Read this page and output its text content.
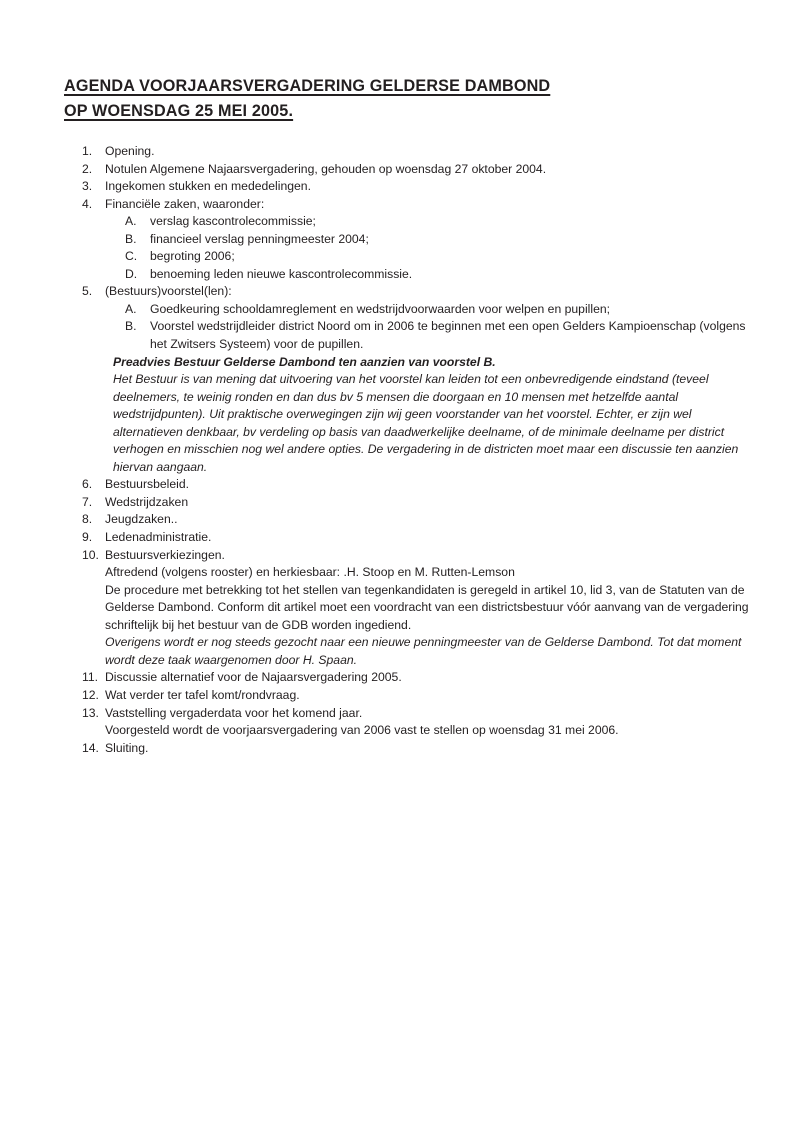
AGENDA VOORJAARSVERGADERING GELDERSE DAMBOND
OP WOENSDAG 25 MEI 2005.
1.	Opening.
2.	Notulen Algemene Najaarsvergadering, gehouden op woensdag 27 oktober 2004.
3.	Ingekomen stukken en mededelingen.
4.	Financiële zaken, waaronder:
A.	verslag kascontrolecommissie;
B.	financieel verslag penningmeester 2004;
C.	begroting 2006;
D.	benoeming leden nieuwe kascontrolecommissie.
5.	(Bestuurs)voorstel(len):
A.	Goedkeuring schooldamreglement en wedstrijdvoorwaarden voor welpen en pupillen;
B.	Voorstel wedstrijdleider district Noord om in 2006 te beginnen met een open Gelders Kampioenschap (volgens het Zwitsers Systeem) voor de pupillen.
Preadvies Bestuur Gelderse Dambond ten aanzien van voorstel B.
Het Bestuur is van mening dat uitvoering van het voorstel kan leiden tot een onbevredigende eindstand (teveel deelnemers, te weinig ronden en dan dus bv 5 mensen die doorgaan en 10 mensen met hetzelfde aantal wedstrijdpunten). Uit praktische overwegingen zijn wij geen voorstander van het voorstel. Echter, er zijn wel alternatieven denkbaar, bv verdeling op basis van daadwerkelijke deelname, of de minimale deelname per district verhogen en misschien nog wel andere opties. De vergadering in de districten moet maar een discussie ten aanzien hiervan aangaan.
6.	Bestuursbeleid.
7.	Wedstrijdzaken
8.	Jeugdzaken..
9.	Ledenadministratie.
10. Bestuursverkiezingen.
Aftredend (volgens rooster) en herkiesbaar: .H. Stoop en M. Rutten-Lemson
De procedure met betrekking tot het stellen van tegenkandidaten is geregeld in artikel 10, lid 3, van de Statuten van de Gelderse Dambond. Conform dit artikel moet een voordracht van een districtsbestuur vóór aanvang van de vergadering schriftelijk bij het bestuur van de GDB worden ingediend.
Overigens wordt er nog steeds gezocht naar een nieuwe penningmeester van de Gelderse Dambond. Tot dat moment wordt deze taak waargenomen door H. Spaan.
11. Discussie alternatief voor de Najaarsvergadering 2005.
12. Wat verder ter tafel komt/rondvraag.
13. Vaststelling vergaderdata voor het komend jaar.
Voorgesteld wordt de voorjaarsvergadering van 2006 vast te stellen op woensdag 31 mei 2006.
14. Sluiting.
